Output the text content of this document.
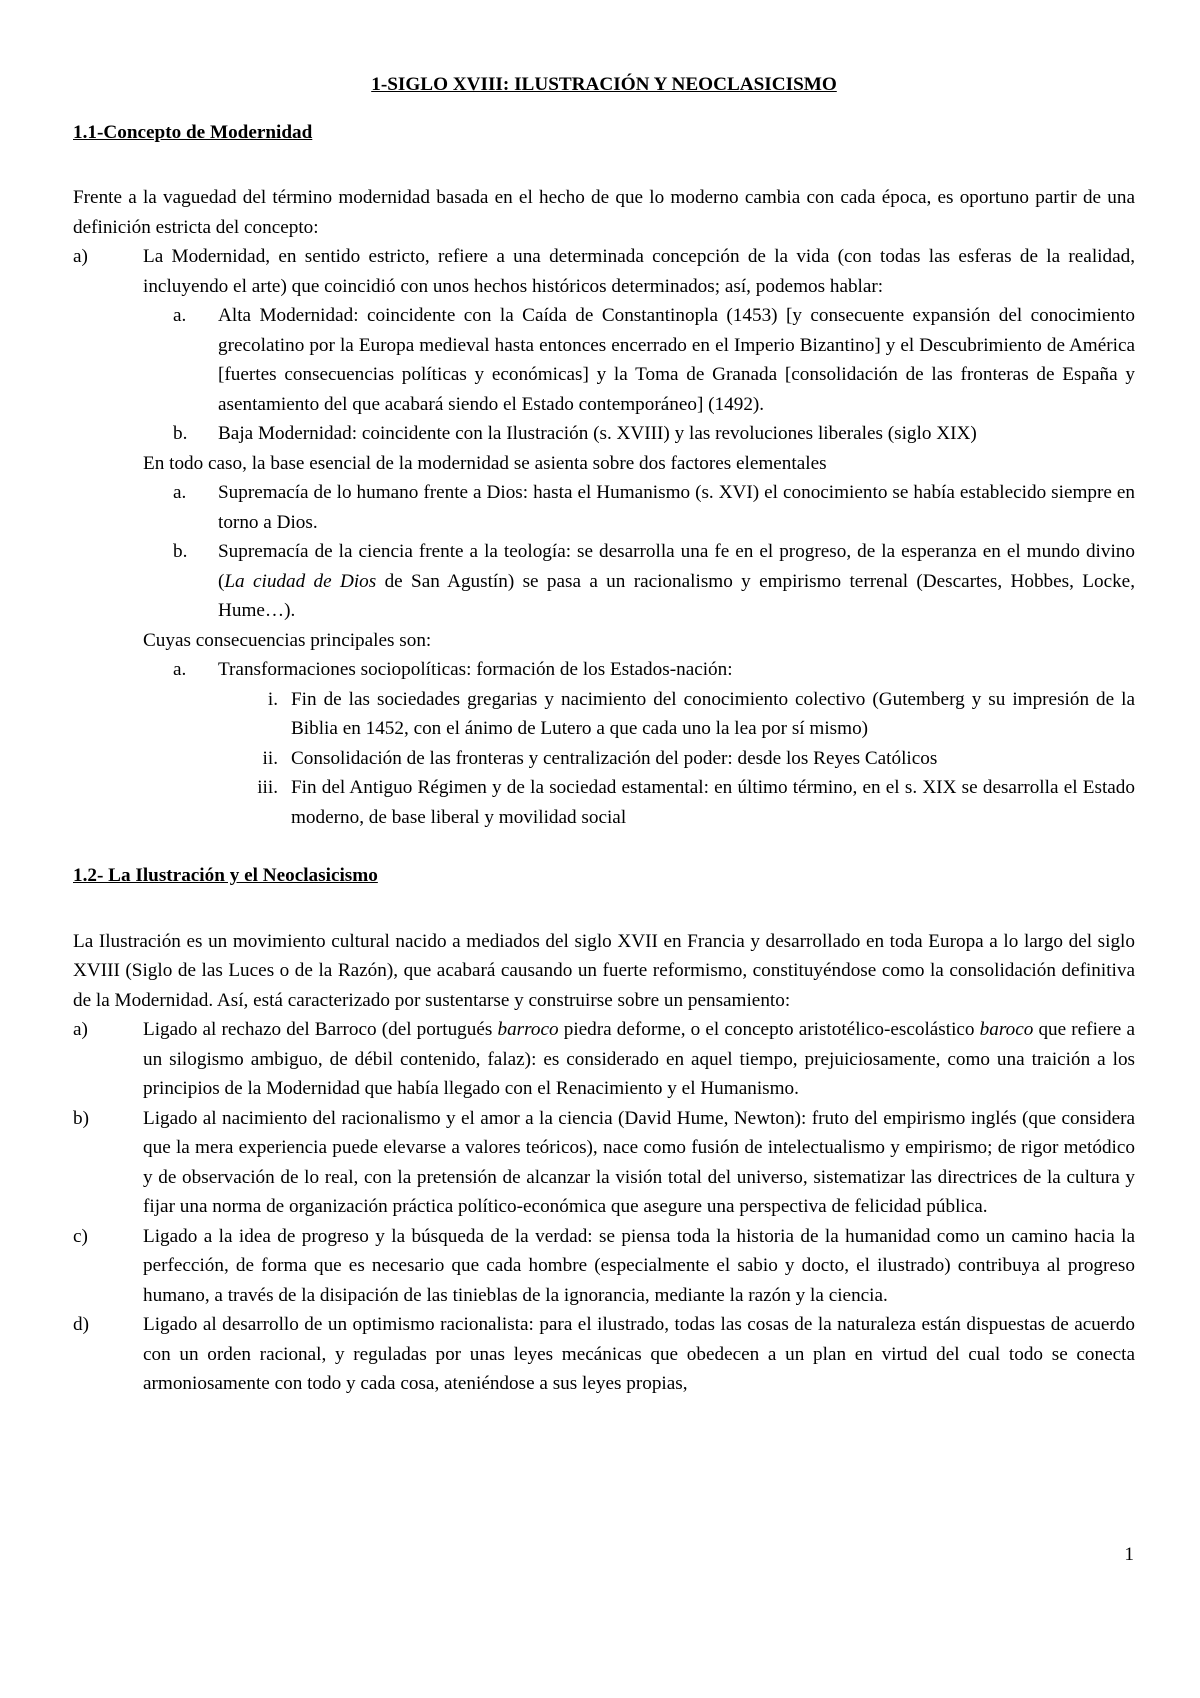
1-SIGLO XVIII: ILUSTRACIÓN Y NEOCLASICISMO
1.1-Concepto de Modernidad

Frente a la vaguedad del término modernidad basada en el hecho de que lo moderno cambia con cada época, es oportuno partir de una definición estricta del concepto:

a)	La Modernidad, en sentido estricto, refiere a una determinada concepción de la vida (con todas las esferas de la realidad, incluyendo el arte) que coincidió con unos hechos históricos determinados; así, podemos hablar:
a.	Alta Modernidad: coincidente con la Caída de Constantinopla (1453) [y consecuente expansión del conocimiento grecolatino por la Europa medieval hasta entonces encerrado en el Imperio Bizantino] y el Descubrimiento de América [fuertes consecuencias políticas y económicas] y la Toma de Granada [consolidación de las fronteras de España y asentamiento del que acabará siendo el Estado contemporáneo] (1492).
b.	Baja Modernidad: coincidente con la Ilustración (s. XVIII) y las revoluciones liberales (siglo XIX)

En todo caso, la base esencial de la modernidad se asienta sobre dos factores elementales

a.	Supremacía de lo humano frente a Dios: hasta el Humanismo (s. XVI) el conocimiento se había establecido siempre en torno a Dios.
b.	Supremacía de la ciencia frente a la teología: se desarrolla una fe en el progreso, de la esperanza en el mundo divino (La ciudad de Dios de San Agustín) se pasa a un racionalismo y empirismo terrenal (Descartes, Hobbes, Locke, Hume…).

Cuyas consecuencias principales son:

a.	Transformaciones sociopolíticas: formación de los Estados-nación:
i. Fin de las sociedades gregarias y nacimiento del conocimiento colectivo (Gutemberg y su impresión de la Biblia en 1452, con el ánimo de Lutero a que cada uno la lea por sí mismo)
ii. Consolidación de las fronteras y centralización del poder: desde los Reyes Católicos
iii. Fin del Antiguo Régimen y de la sociedad estamental: en último término, en el s. XIX se desarrolla el Estado moderno, de base liberal y movilidad social
1.2- La Ilustración y el Neoclasicismo

La Ilustración es un movimiento cultural nacido a mediados del siglo XVII en Francia y desarrollado en toda Europa a lo largo del siglo XVIII (Siglo de las Luces o de la Razón), que acabará causando un fuerte reformismo, constituyéndose como la consolidación definitiva de la Modernidad. Así, está caracterizado por sustentarse y construirse sobre un pensamiento:

a)	Ligado al rechazo del Barroco (del portugués barroco piedra deforme, o el concepto aristotélico-escolástico baroco que refiere a un silogismo ambiguo, de débil contenido, falaz): es considerado en aquel tiempo, prejuiciosamente, como una traición a los principios de la Modernidad que había llegado con el Renacimiento y el Humanismo.
b)	Ligado al nacimiento del racionalismo y el amor a la ciencia (David Hume, Newton): fruto del empirismo inglés (que considera que la mera experiencia puede elevarse a valores teóricos), nace como fusión de intelectualismo y empirismo; de rigor metódico y de observación de lo real, con la pretensión de alcanzar la visión total del universo, sistematizar las directrices de la cultura y fijar una norma de organización práctica político-económica que asegure una perspectiva de felicidad pública.
c)	Ligado a la idea de progreso y la búsqueda de la verdad: se piensa toda la historia de la humanidad como un camino hacia la perfección, de forma que es necesario que cada hombre (especialmente el sabio y docto, el ilustrado) contribuya al progreso humano, a través de la disipación de las tinieblas de la ignorancia, mediante la razón y la ciencia.
d)	Ligado al desarrollo de un optimismo racionalista: para el ilustrado, todas las cosas de la naturaleza están dispuestas de acuerdo con un orden racional, y reguladas por unas leyes mecánicas que obedecen a un plan en virtud del cual todo se conecta armoniosamente con todo y cada cosa, ateniéndose a sus leyes propias,
1
